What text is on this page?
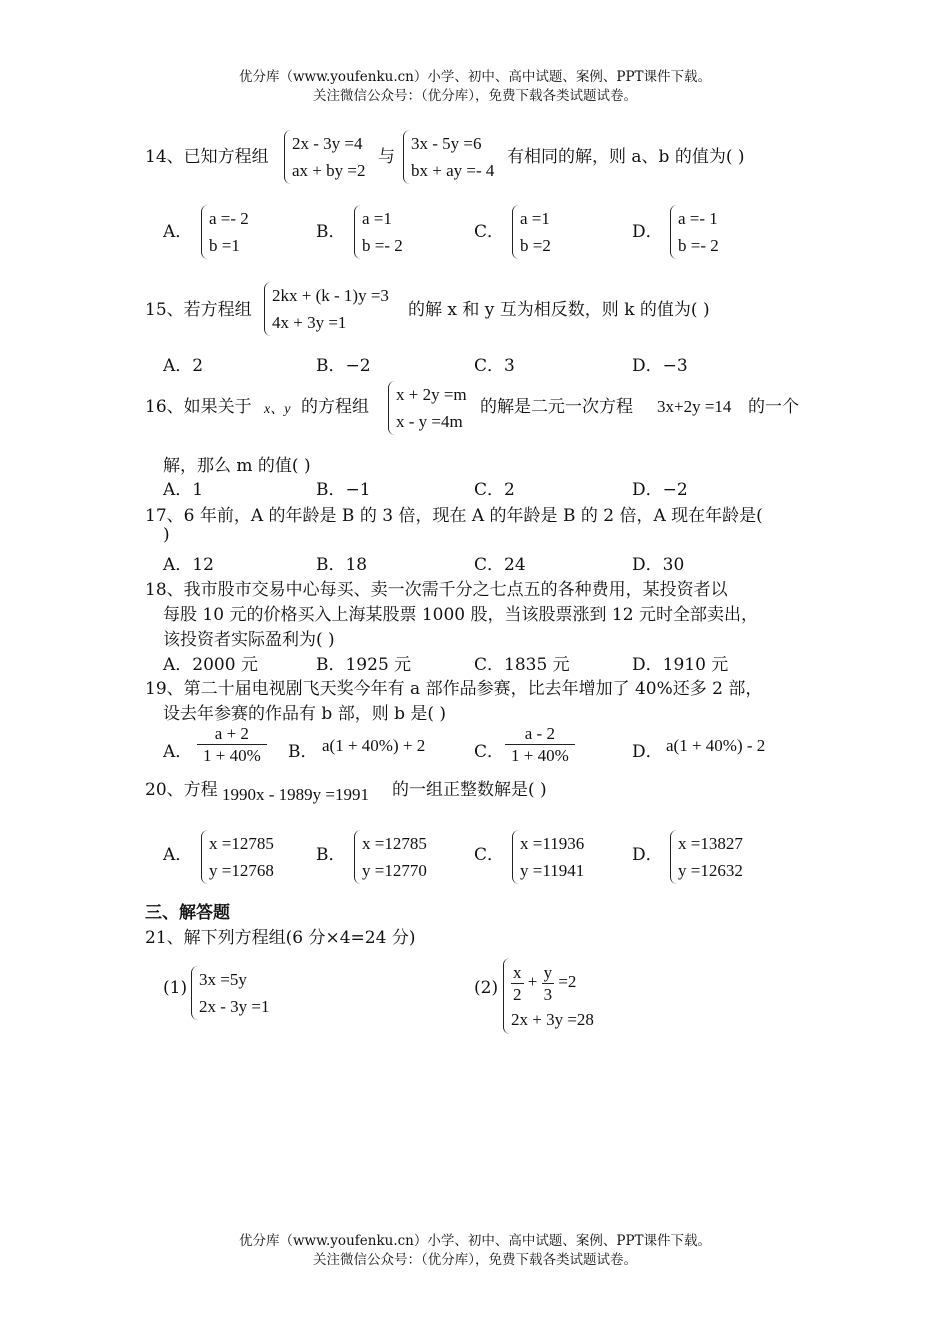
优分库（www.youfenku.cn）小学、初中、高中试题、案例、PPT课件下载。
关注微信公众号：（优分库），免费下载各类试题试卷。
14、已知方程组
2x - 3y =4
ax + by =2
与
3x - 5y =6
bx + ay =- 4
有相同的解，则 a、b 的值为( )
A．
a =- 2
b =1
B．
a =1
b =- 2
C．
a =1
b =2
D．
a =- 1
b =- 2
15、若方程组
2kx + (k - 1)y =3
4x + 3y =1
的解 x 和 y 互为相反数，则 k 的值为( )
A．2	B．−2	C．3	D．−3
16、如果关于 x、y 的方程组
x + 2y =m
x - y =4m
的解是二元一次方程 3x+2y =14 的一个
解，那么 m 的值( )
A．1	B．−1	C．2	D．−2
17、6 年前，A 的年龄是 B 的 3 倍，现在 A 的年龄是 B 的 2 倍，A 现在年龄是(
)
A．12	B．18	C．24	D．30
18、我市股市交易中心每买、卖一次需千分之七点五的各种费用，某投资者以
每股 10 元的价格买入上海某股票 1000 股，当该股票涨到 12 元时全部卖出，
该投资者实际盈利为( )
A．2000 元	B．1925 元	C．1835 元	D．1910 元
19、第二十届电视剧飞天奖今年有 a 部作品参赛，比去年增加了 40%还多 2 部，
设去年参赛的作品有 b 部，则 b 是( )
A． $\frac{a + 2}{1 + 40\%}$ B． a(1 + 40%) + 2	C． $\frac{a - 2}{1 + 40\%}$	D． a(1 + 40%) - 2
20、方程 1990x - 1989y =1991 的一组正整数解是( )
A．
x =12785
y =12768
B．
x =12785
y =12770
C．
x =11936
y =11941
D．
x =13827
y =12632
三、解答题
21、解下列方程组(6 分×4=24 分)
(1) 3x =5y
2x - 3y =1
$(2) \frac{x}{2} + \frac{y}{3} =2$
2x + 3y =28
优分库（www.youfenku.cn）小学、初中、高中试题、案例、PPT课件下载。
关注微信公众号：（优分库），免费下载各类试题试卷。
